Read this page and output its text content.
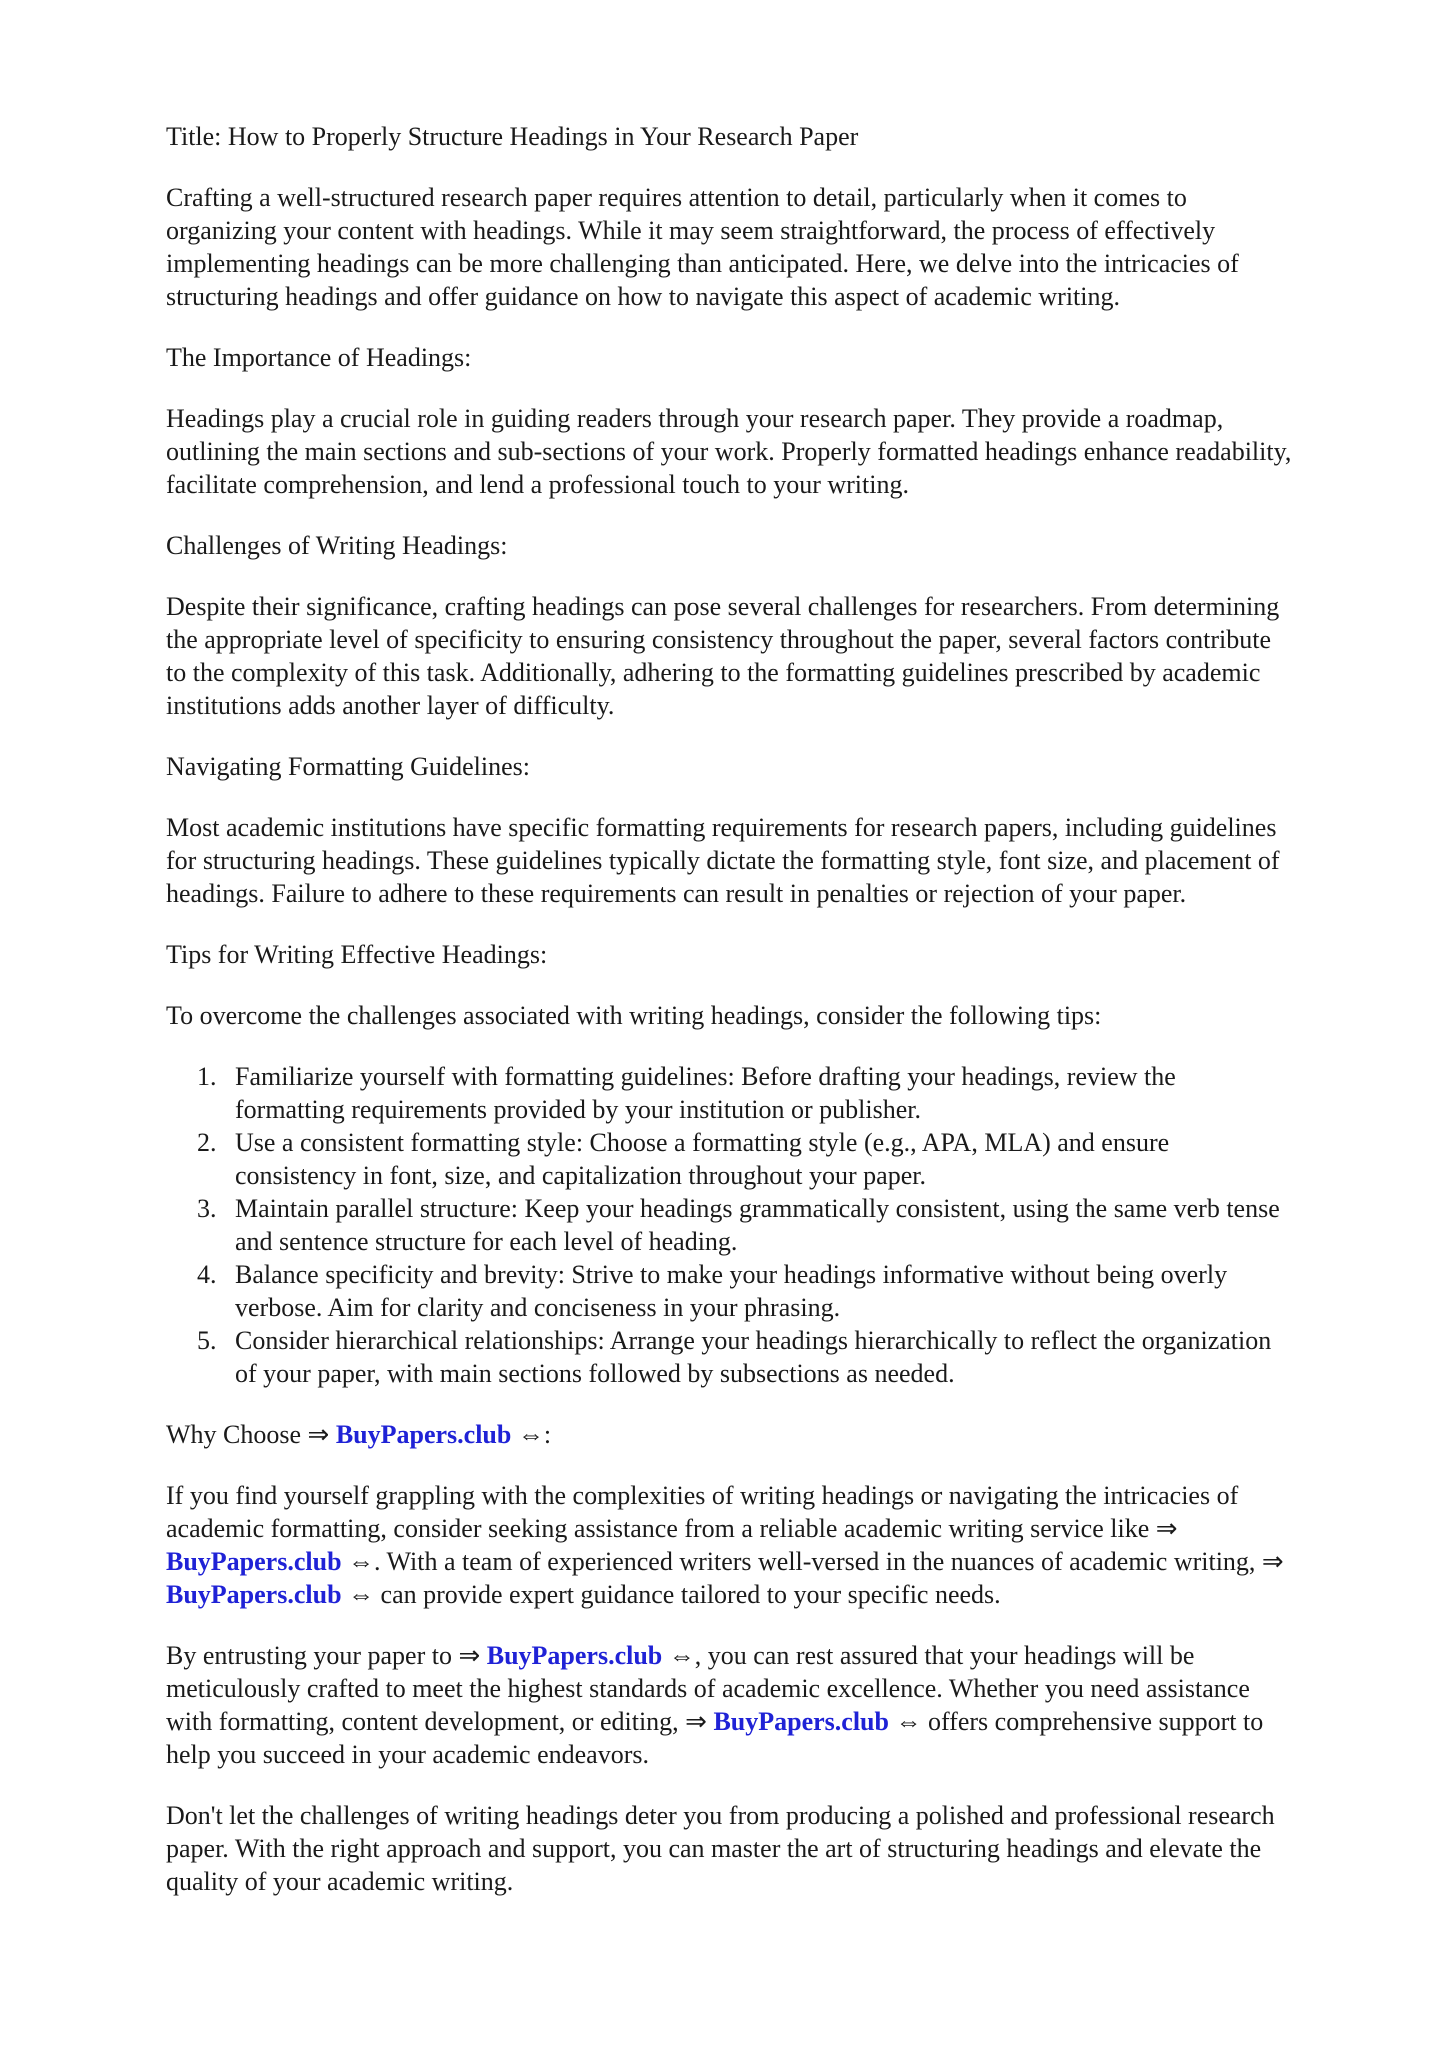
Title: How to Properly Structure Headings in Your Research Paper
Crafting a well-structured research paper requires attention to detail, particularly when it comes to
organizing your content with headings. While it may seem straightforward, the process of effectively
implementing headings can be more challenging than anticipated. Here, we delve into the intricacies of
structuring headings and offer guidance on how to navigate this aspect of academic writing.
The Importance of Headings:
Headings play a crucial role in guiding readers through your research paper. They provide a roadmap,
outlining the main sections and sub-sections of your work. Properly formatted headings enhance readability,
facilitate comprehension, and lend a professional touch to your writing.
Challenges of Writing Headings:
Despite their significance, crafting headings can pose several challenges for researchers. From determining
the appropriate level of specificity to ensuring consistency throughout the paper, several factors contribute
to the complexity of this task. Additionally, adhering to the formatting guidelines prescribed by academic
institutions adds another layer of difficulty.
Navigating Formatting Guidelines:
Most academic institutions have specific formatting requirements for research papers, including guidelines
for structuring headings. These guidelines typically dictate the formatting style, font size, and placement of
headings. Failure to adhere to these requirements can result in penalties or rejection of your paper.
Tips for Writing Effective Headings:
To overcome the challenges associated with writing headings, consider the following tips:
1. Familiarize yourself with formatting guidelines: Before drafting your headings, review the
formatting requirements provided by your institution or publisher.
2. Use a consistent formatting style: Choose a formatting style (e.g., APA, MLA) and ensure
consistency in font, size, and capitalization throughout your paper.
3. Maintain parallel structure: Keep your headings grammatically consistent, using the same verb tense
and sentence structure for each level of heading.
4. Balance specificity and brevity: Strive to make your headings informative without being overly
verbose. Aim for clarity and conciseness in your phrasing.
5. Consider hierarchical relationships: Arrange your headings hierarchically to reflect the organization
of your paper, with main sections followed by subsections as needed.
Why Choose ⇒ BuyPapers.club ⇔:
If you find yourself grappling with the complexities of writing headings or navigating the intricacies of
academic formatting, consider seeking assistance from a reliable academic writing service like ⇒
BuyPapers.club ⇔. With a team of experienced writers well-versed in the nuances of academic writing, ⇒
BuyPapers.club ⇔ can provide expert guidance tailored to your specific needs.
By entrusting your paper to ⇒ BuyPapers.club ⇔, you can rest assured that your headings will be
meticulously crafted to meet the highest standards of academic excellence. Whether you need assistance
with formatting, content development, or editing, ⇒ BuyPapers.club ⇔ offers comprehensive support to
help you succeed in your academic endeavors.
Don't let the challenges of writing headings deter you from producing a polished and professional research
paper. With the right approach and support, you can master the art of structuring headings and elevate the
quality of your academic writing.
